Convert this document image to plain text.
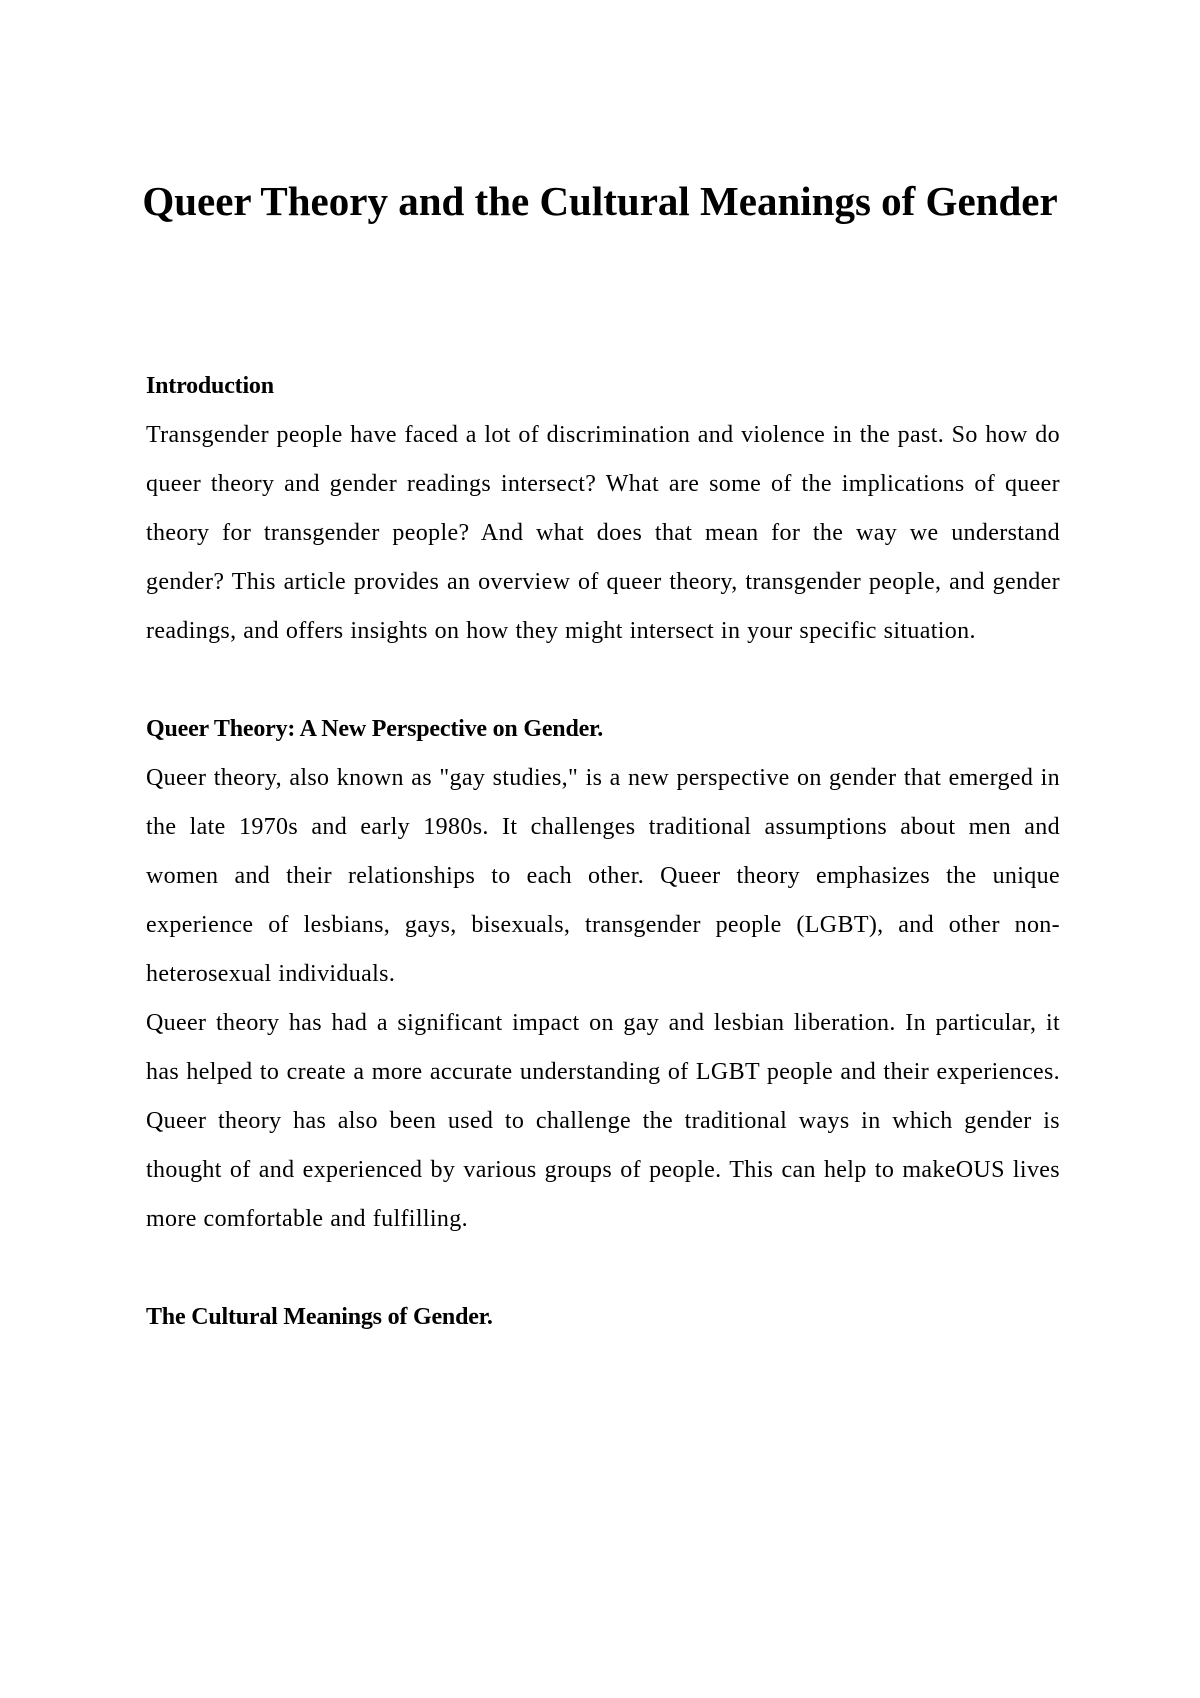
Queer Theory and the Cultural Meanings of Gender
Introduction

Transgender people have faced a lot of discrimination and violence in the past. So how do queer theory and gender readings intersect? What are some of the implications of queer theory for transgender people? And what does that mean for the way we understand gender? This article provides an overview of queer theory, transgender people, and gender readings, and offers insights on how they might intersect in your specific situation.

Queer Theory: A New Perspective on Gender.

Queer theory, also known as "gay studies," is a new perspective on gender that emerged in the late 1970s and early 1980s. It challenges traditional assumptions about men and women and their relationships to each other. Queer theory emphasizes the unique experience of lesbians, gays, bisexuals, transgender people (LGBT), and other non-heterosexual individuals.

Queer theory has had a significant impact on gay and lesbian liberation. In particular, it has helped to create a more accurate understanding of LGBT people and their experiences. Queer theory has also been used to challenge the traditional ways in which gender is thought of and experienced by various groups of people. This can help to makeOUS lives more comfortable and fulfilling.

The Cultural Meanings of Gender.
